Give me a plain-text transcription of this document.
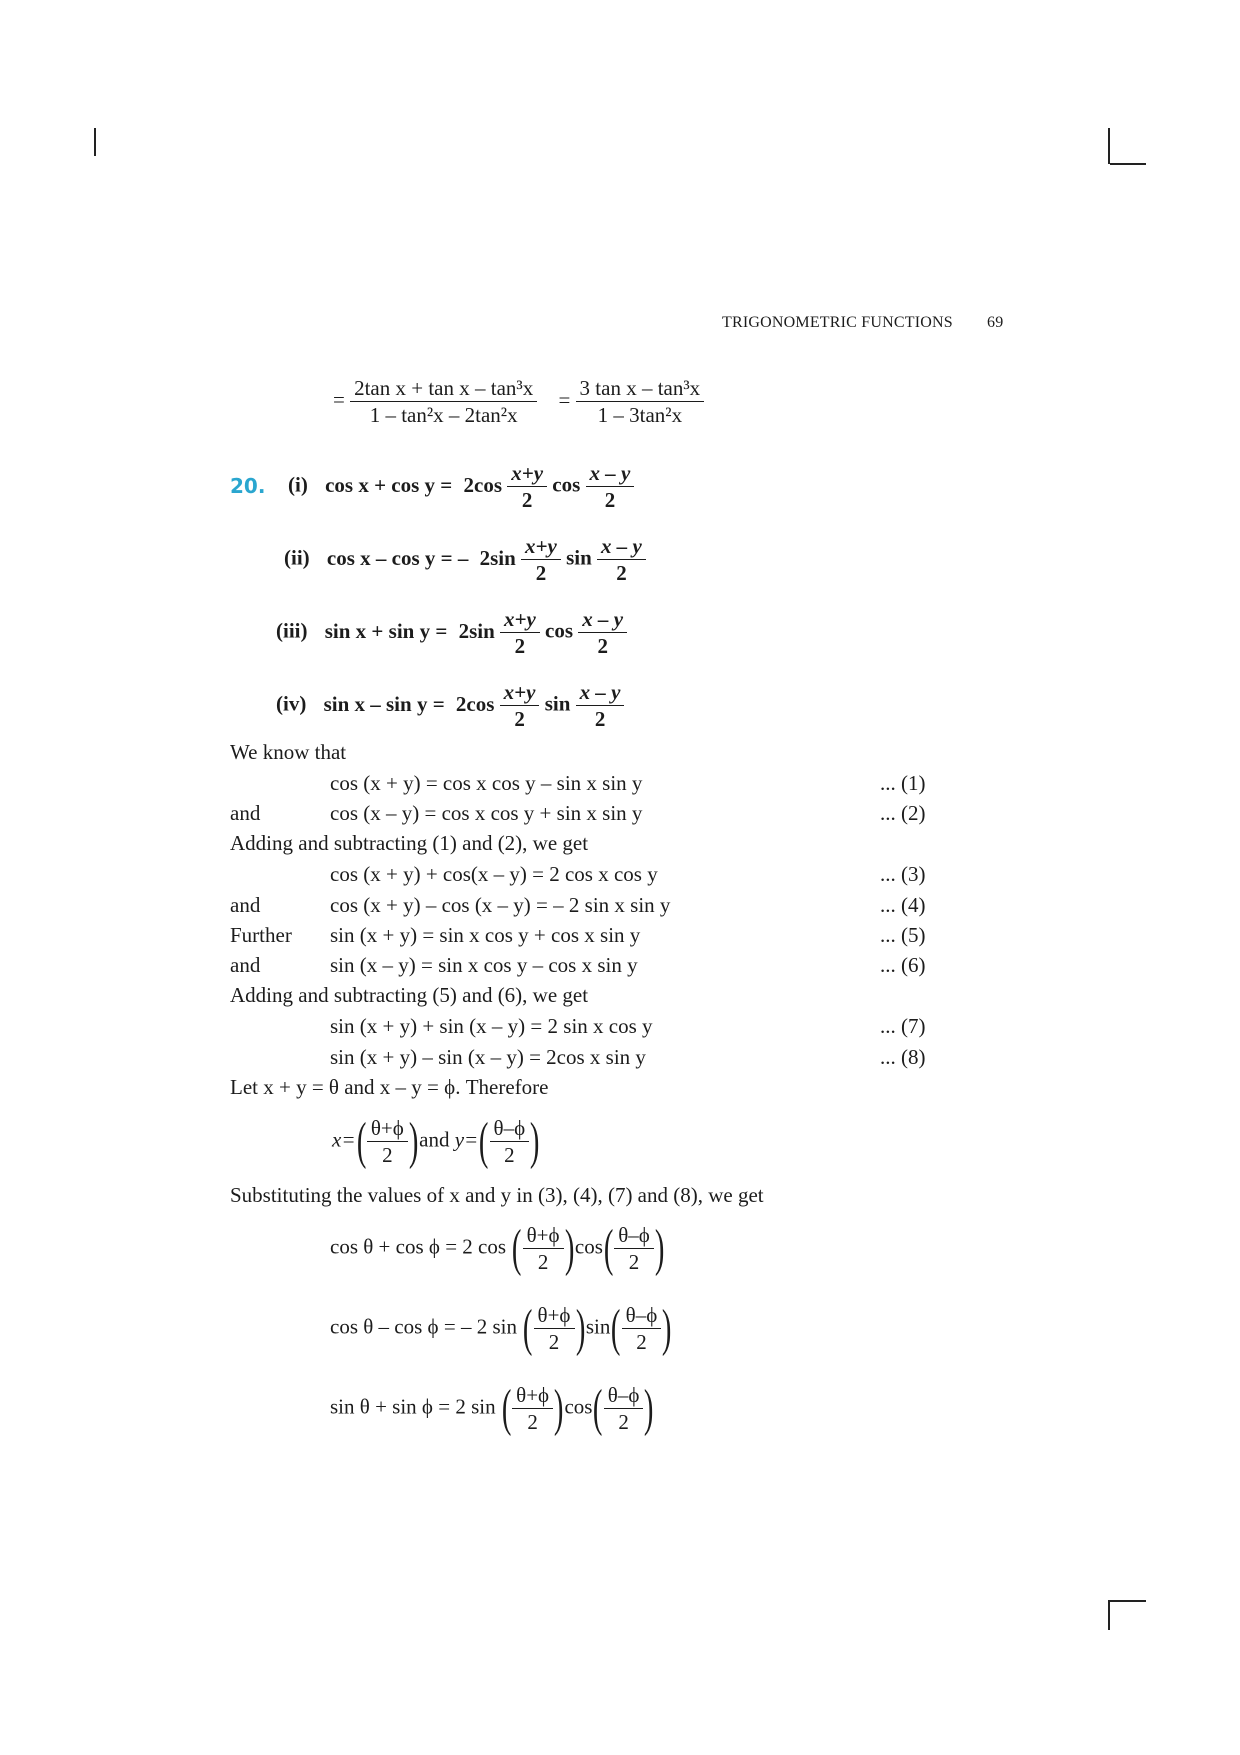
TRIGONOMETRIC FUNCTIONS 69
= $\frac{\text{2tan x + tan x – tan³x}}{\text{1 – tan²x – 2tan²x}} = \frac{\text{3 tan x – tan³x}}{\text{1 – 3tan²x}}$
20. (i) $\cos x + \cos y = 2\cos \frac{x+y}{2}$ $\cos \frac{x - y}{2}$
(ii) cos x – cos y = – $2\sin \frac{x+y}{2}$ $\sin \frac{x - y}{2}$
(iii) $\sin x + \sin y = 2\sin \frac{x+y}{2}$ $\cos \frac{x - y}{2}$
(iv) $\sin x - \sin y = 2\cos \frac{x+y}{2}$ $\sin \frac{x - y}{2}$
We know that
cos (x + y) = cos x cos y – sin x sin y	... (1)
and	cos (x – y) = cos x cos y + sin x sin y	... (2)
Adding and subtracting (1) and (2), we get
cos (x + y) + cos(x – y) = 2 cos x cos y	... (3)
and	cos (x + y) – cos (x – y) = – 2 sin x sin y	... (4)
Further sin (x + y) = sin x cos y + cos x sin y	... (5)
and	sin (x – y) = sin x cos y – cos x sin y	... (6)
Adding and subtracting (5) and (6), we get
sin (x + y) + sin (x – y) = 2 sin x cos y	... (7)
sin (x + y) – sin (x – y) = 2cos x sin y	... (8)
Let x + y = θ and x – y = ϕ. Therefore
$x=( \frac{\theta+\phi}{2} )and$ $y=( \frac{\theta-\phi}{2}$ )
Substituting the values of x and y in (3), (4), (7) and (8), we get
cos θ + cos ϕ = 2 cos ( $\frac{\theta+\phi}{2} )\cos( \frac{\theta-\phi}{2}$ )
cos θ – cos ϕ = – 2 sin ( $\frac{\theta+\phi}{2} )\sin( \frac{\theta-\phi}{2}$ )
sin θ + sin ϕ = 2 sin ( $\frac{\theta+\phi}{2} )\cos( \frac{\theta-\phi}{2}$ )
